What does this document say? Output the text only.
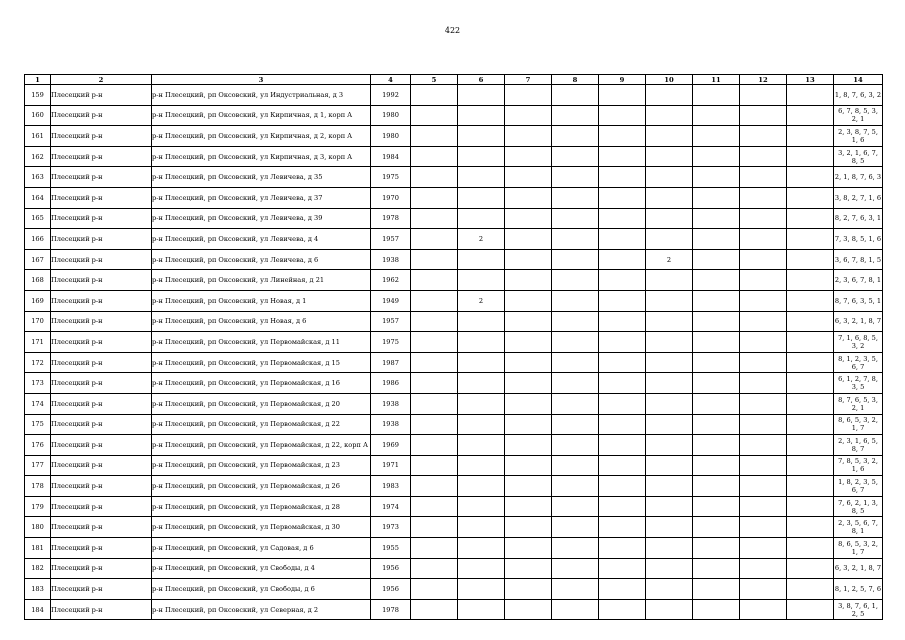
422
1	2	3	4	5	6	7	8	9	10	11	12	13	14
159	Плесецкий р-н	р-н Плесецкий, рп Оксовский, ул Индустриальная, д 3	1992										1, 8, 7, 6, 3, 2
160	Плесецкий р-н	р-н Плесецкий, рп Оксовский, ул Кирпичная, д 1, корп А	1980										6, 7, 8, 5, 3, 2, 1
161	Плесецкий р-н	р-н Плесецкий, рп Оксовский, ул Кирпичная, д 2, корп А	1980										2, 3, 8, 7, 5, 1, 6
162	Плесецкий р-н	р-н Плесецкий, рп Оксовский, ул Кирпичная, д 3, корп А	1984										3, 2, 1, 6, 7, 8, 5
163	Плесецкий р-н	р-н Плесецкий, рп Оксовский, ул Левичева, д 35	1975										2, 1, 8, 7, 6, 3
164	Плесецкий р-н	р-н Плесецкий, рп Оксовский, ул Левичева, д 37	1970										3, 8, 2, 7, 1, 6
165	Плесецкий р-н	р-н Плесецкий, рп Оксовский, ул Левичева, д 39	1978										8, 2, 7, 6, 3, 1
166	Плесецкий р-н	р-н Плесецкий, рп Оксовский, ул Левичева, д 4	1957		2								7, 3, 8, 5, 1, 6
167	Плесецкий р-н	р-н Плесецкий, рп Оксовский, ул Левичева, д 6	1938						2				3, 6, 7, 8, 1, 5
168	Плесецкий р-н	р-н Плесецкий, рп Оксовский, ул Линейная, д 21	1962										2, 3, 6, 7, 8, 1
169	Плесецкий р-н	р-н Плесецкий, рп Оксовский, ул Новая, д 1	1949		2								8, 7, 6, 3, 5, 1
170	Плесецкий р-н	р-н Плесецкий, рп Оксовский, ул Новая, д 6	1957										6, 3, 2, 1, 8, 7
171	Плесецкий р-н	р-н Плесецкий, рп Оксовский, ул Первомайская, д 11	1975										7, 1, 6, 8, 5, 3, 2
172	Плесецкий р-н	р-н Плесецкий, рп Оксовский, ул Первомайская, д 15	1987										8, 1, 2, 3, 5, 6, 7
173	Плесецкий р-н	р-н Плесецкий, рп Оксовский, ул Первомайская, д 16	1986										6, 1, 2, 7, 8, 3, 5
174	Плесецкий р-н	р-н Плесецкий, рп Оксовский, ул Первомайская, д 20	1938										8, 7, 6, 5, 3, 2, 1
175	Плесецкий р-н	р-н Плесецкий, рп Оксовский, ул Первомайская, д 22	1938										8, 6, 5, 3, 2, 1, 7
176	Плесецкий р-н	р-н Плесецкий, рп Оксовский, ул Первомайская, д 22, корп А	1969										2, 3, 1, 6, 5, 8, 7
177	Плесецкий р-н	р-н Плесецкий, рп Оксовский, ул Первомайская, д 23	1971										7, 8, 5, 3, 2, 1, 6
178	Плесецкий р-н	р-н Плесецкий, рп Оксовский, ул Первомайская, д 26	1983										1, 8, 2, 3, 5, 6, 7
179	Плесецкий р-н	р-н Плесецкий, рп Оксовский, ул Первомайская, д 28	1974										7, 6, 2, 1, 3, 8, 5
180	Плесецкий р-н	р-н Плесецкий, рп Оксовский, ул Первомайская, д 30	1973										2, 3, 5, 6, 7, 8, 1
181	Плесецкий р-н	р-н Плесецкий, рп Оксовский, ул Садовая, д 6	1955										8, 6, 5, 3, 2, 1, 7
182	Плесецкий р-н	р-н Плесецкий, рп Оксовский, ул Свободы, д 4	1956										6, 3, 2, 1, 8, 7
183	Плесецкий р-н	р-н Плесецкий, рп Оксовский, ул Свободы, д 6	1956										8, 1, 2, 5, 7, 6
184	Плесецкий р-н	р-н Плесецкий, рп Оксовский, ул Северная, д 2	1978										3, 8, 7, 6, 1, 2, 5
